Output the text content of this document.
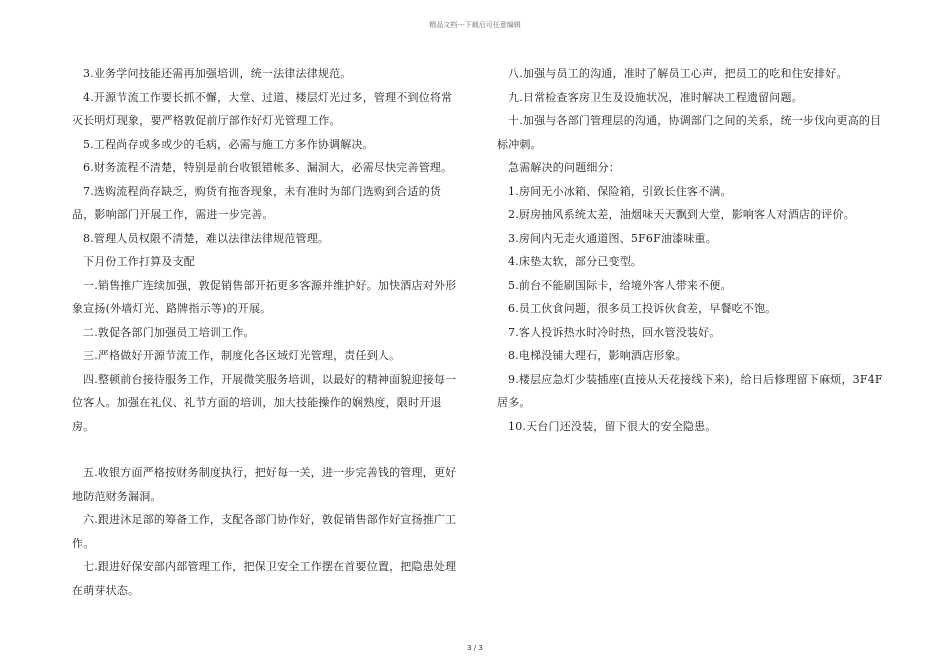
精品文档---下载后可任意编辑

3.业务学问技能还需再加强培训，统一法律法律规范。

4.开源节流工作要长抓不懈，大堂、过道、楼层灯光过多，管理不到位将常灭长明灯现象，要严格敦促前厅部作好灯光管理工作。

5.工程尚存或多或少的毛病，必需与施工方多作协调解决。

6.财务流程不清楚，特别是前台收银错帐多、漏洞大，必需尽快完善管理。

7.选购流程尚存缺乏，购货有拖沓现象，未有准时为部门选购到合适的货品，影响部门开展工作，需进一步完善。

8.管理人员权限不清楚，难以法律法律规范管理。

下月份工作打算及支配

一.销售推广连续加强，敦促销售部开拓更多客源并维护好。加快酒店对外形象宣扬(外墙灯光、路牌指示等)的开展。

二.敦促各部门加强员工培训工作。

三.严格做好开源节流工作，制度化各区域灯光管理，责任到人。

四.整顿前台接待服务工作，开展微笑服务培训，以最好的精神面貌迎接每一位客人。加强在礼仪、礼节方面的培训，加大技能操作的娴熟度，限时开退房。

五.收银方面严格按财务制度执行，把好每一关，进一步完善钱的管理，更好地防范财务漏洞。

六.跟进沐足部的筹备工作，支配各部门协作好，敦促销售部作好宣扬推广工作。

七.跟进好保安部内部管理工作，把保卫安全工作摆在首要位置，把隐患处理在萌芽状态。

八.加强与员工的沟通，准时了解员工心声，把员工的吃和住安排好。

九.日常检查客房卫生及设施状况，准时解决工程遗留问题。

十.加强与各部门管理层的沟通，协调部门之间的关系，统一步伐向更高的目标冲刺。

急需解决的问题细分：

1.房间无小冰箱、保险箱，引致长住客不满。

2.厨房抽风系统太差，油烟味天天飘到大堂，影响客人对酒店的评价。

3.房间内无走火通道图、5F6F油漆味重。

4.床垫太软，部分已变型。

5.前台不能刷国际卡，给境外客人带来不便。

6.员工伙食问题，很多员工投诉伙食差，早餐吃不饱。

7.客人投诉热水时冷时热，回水管没装好。

8.电梯没铺大理石，影响酒店形象。

9.楼层应急灯少装插座(直接从天花接线下来)，给日后修理留下麻烦，3F4F居多。

10.天台门还没装，留下很大的安全隐患。

3 / 3
